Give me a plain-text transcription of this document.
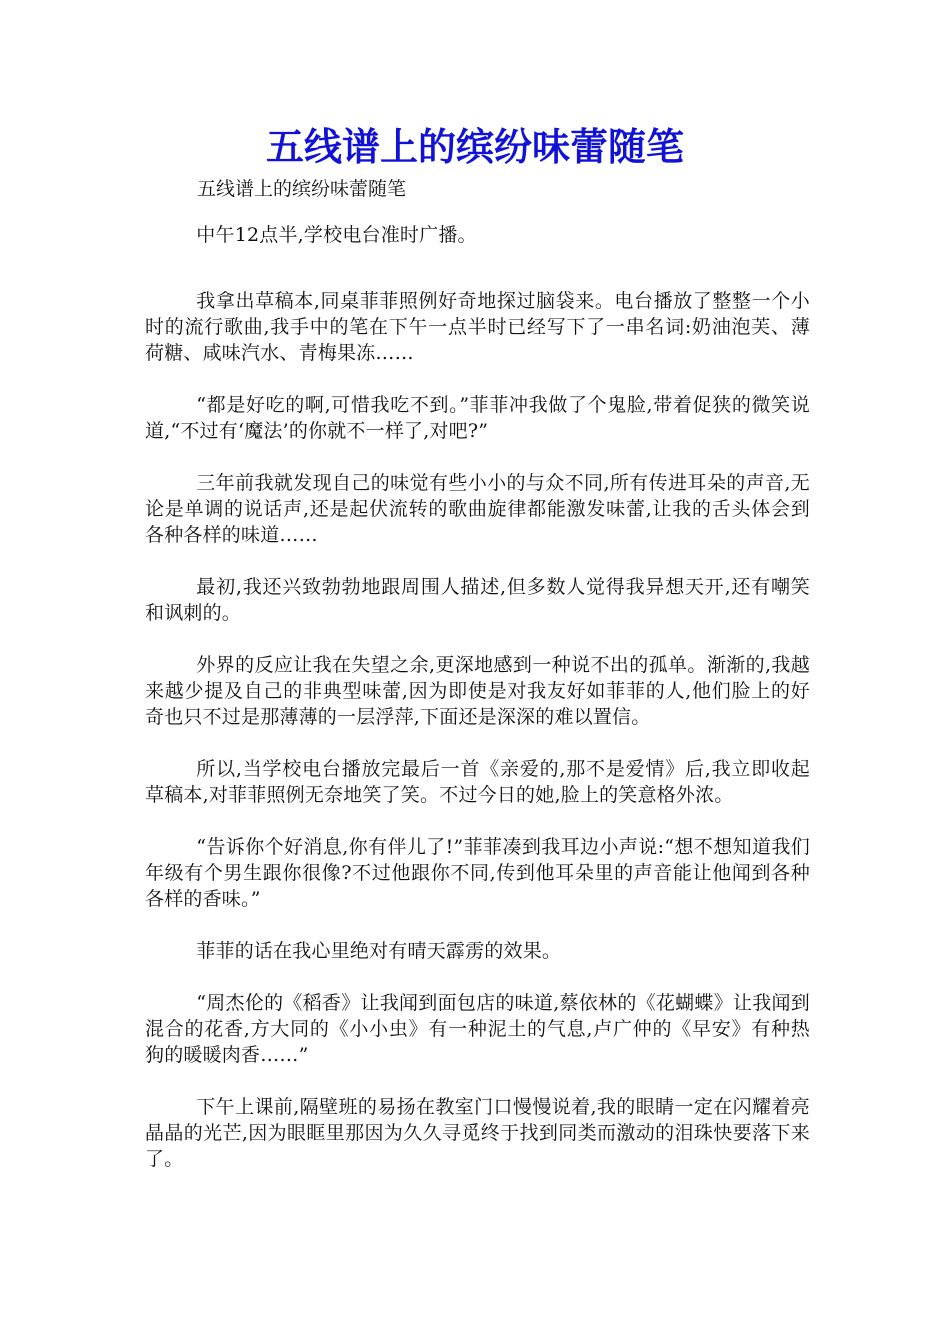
五线谱上的缤纷味蕾随笔

五线谱上的缤纷味蕾随笔

中午12点半,学校电台准时广播。

我拿出草稿本,同桌菲菲照例好奇地探过脑袋来。电台播放了整整一个小时的流行歌曲,我手中的笔在下午一点半时已经写下了一串名词:奶油泡芙、薄荷糖、咸味汽水、青梅果冻……

“都是好吃的啊,可惜我吃不到。”菲菲冲我做了个鬼脸,带着促狭的微笑说道,“不过有‘魔法’的你就不一样了,对吧?”

三年前我就发现自己的味觉有些小小的与众不同,所有传进耳朵的声音,无论是单调的说话声,还是起伏流转的歌曲旋律都能激发味蕾,让我的舌头体会到各种各样的味道……

最初,我还兴致勃勃地跟周围人描述,但多数人觉得我异想天开,还有嘲笑和讽刺的。

外界的反应让我在失望之余,更深地感到一种说不出的孤单。渐渐的,我越来越少提及自己的非典型味蕾,因为即使是对我友好如菲菲的人,他们脸上的好奇也只不过是那薄薄的一层浮萍,下面还是深深的难以置信。

所以,当学校电台播放完最后一首《亲爱的,那不是爱情》后,我立即收起草稿本,对菲菲照例无奈地笑了笑。不过今日的她,脸上的笑意格外浓。

“告诉你个好消息,你有伴儿了!”菲菲凑到我耳边小声说:“想不想知道我们年级有个男生跟你很像?不过他跟你不同,传到他耳朵里的声音能让他闻到各种各样的香味。”

菲菲的话在我心里绝对有晴天霹雳的效果。

“周杰伦的《稻香》让我闻到面包店的味道,蔡依林的《花蝴蝶》让我闻到混合的花香,方大同的《小小虫》有一种泥土的气息,卢广仲的《早安》有种热狗的暖暖肉香……”

下午上课前,隔壁班的易扬在教室门口慢慢说着,我的眼睛一定在闪耀着亮晶晶的光芒,因为眼眶里那因为久久寻觅终于找到同类而激动的泪珠快要落下来了。
